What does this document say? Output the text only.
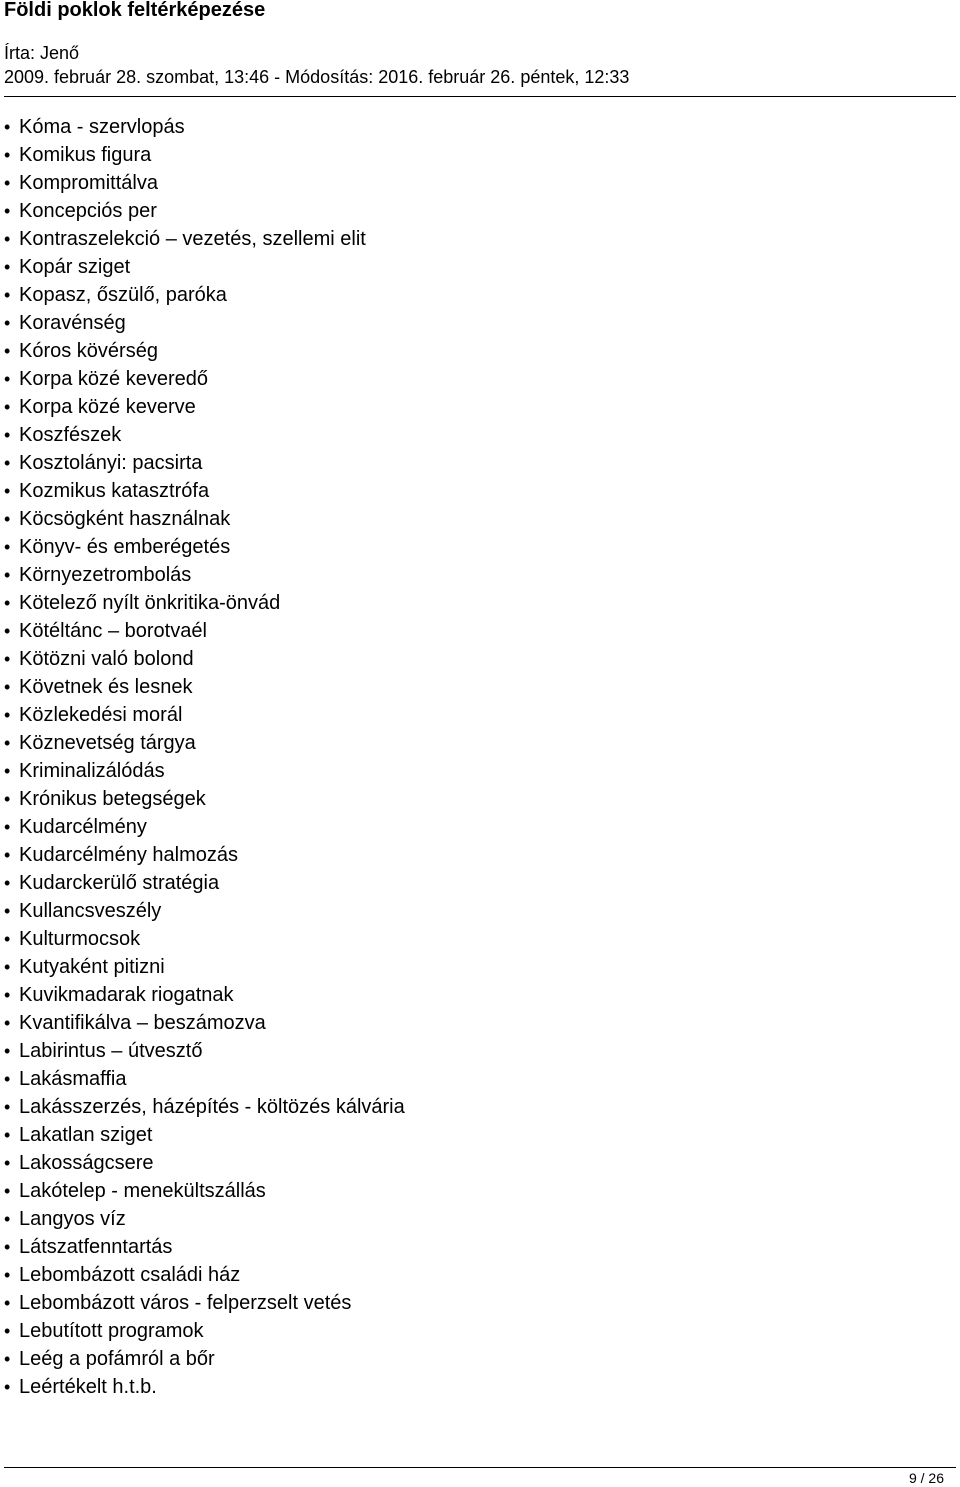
Földi poklok feltérképezése
Írta: Jenő
2009. február 28. szombat, 13:46 - Módosítás: 2016. február 26. péntek, 12:33
• Kóma - szervlopás
• Komikus figura
• Kompromittálva
• Koncepciós per
• Kontraszelekció – vezetés, szellemi elit
• Kopár sziget
• Kopasz, őszülő, paróka
• Koravénség
• Kóros kövérség
• Korpa közé keveredő
• Korpa közé keverve
• Koszfészek
• Kosztolányi: pacsirta
• Kozmikus katasztrófa
• Köcsögként használnak
• Könyv- és emberégetés
• Környezetrombolás
• Kötelező nyílt önkritika-önvád
• Kötéltánc – borotvaél
• Kötözni való bolond
• Követnek és lesnek
• Közlekedési morál
• Köznevetség tárgya
• Kriminalizálódás
• Krónikus betegségek
• Kudarcélmény
• Kudarcélmény halmozás
• Kudarckerülő stratégia
• Kullancsveszély
• Kulturmocsok
• Kutyaként pitizni
• Kuvikmadarak riogatnak
• Kvantifikálva – beszámozva
• Labirintus – útvesztő
• Lakásmaffia
• Lakásszerzés, házépítés - költözés kálvária
• Lakatlan sziget
• Lakosságcsere
• Lakótelep - menekültszállás
• Langyos víz
• Látszatfenntartás
• Lebombázott családi ház
• Lebombázott város - felperzselt vetés
• Lebutított programok
• Leég a pofámról a bőr
• Leértékelt h.t.b.
9 / 26
